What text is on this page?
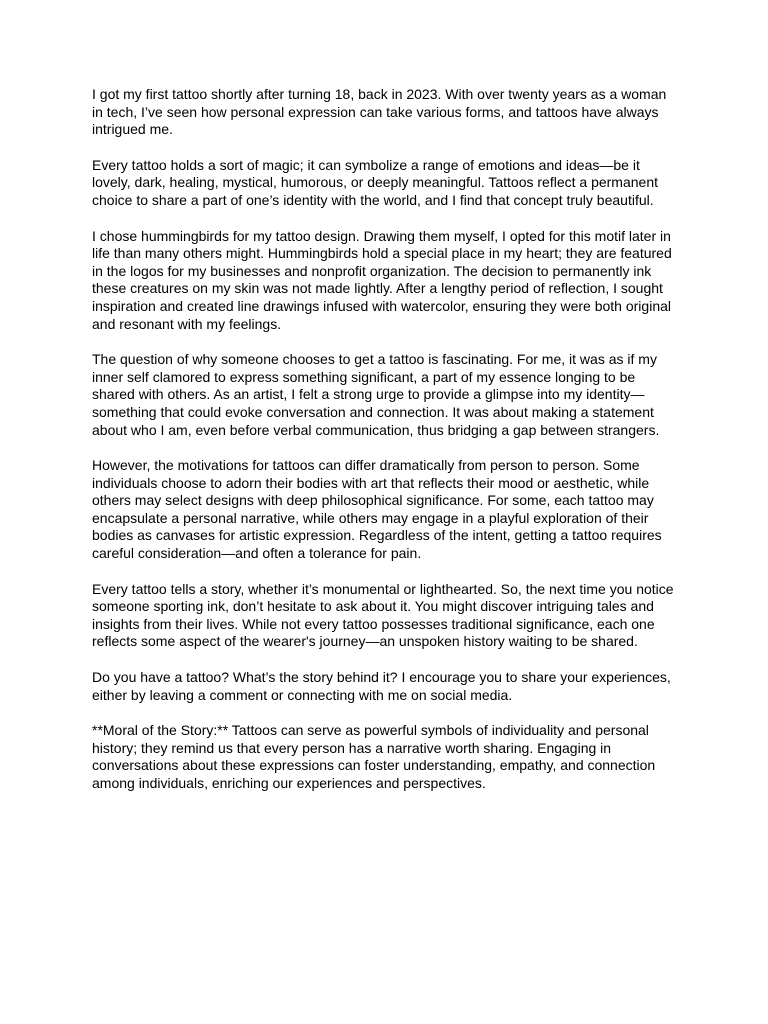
I got my first tattoo shortly after turning 18, back in 2023. With over twenty years as a woman in tech, I’ve seen how personal expression can take various forms, and tattoos have always intrigued me.

Every tattoo holds a sort of magic; it can symbolize a range of emotions and ideas—be it lovely, dark, healing, mystical, humorous, or deeply meaningful. Tattoos reflect a permanent choice to share a part of one’s identity with the world, and I find that concept truly beautiful.

I chose hummingbirds for my tattoo design. Drawing them myself, I opted for this motif later in life than many others might. Hummingbirds hold a special place in my heart; they are featured in the logos for my businesses and nonprofit organization. The decision to permanently ink these creatures on my skin was not made lightly. After a lengthy period of reflection, I sought inspiration and created line drawings infused with watercolor, ensuring they were both original and resonant with my feelings.

The question of why someone chooses to get a tattoo is fascinating. For me, it was as if my inner self clamored to express something significant, a part of my essence longing to be shared with others. As an artist, I felt a strong urge to provide a glimpse into my identity—something that could evoke conversation and connection. It was about making a statement about who I am, even before verbal communication, thus bridging a gap between strangers.

However, the motivations for tattoos can differ dramatically from person to person. Some individuals choose to adorn their bodies with art that reflects their mood or aesthetic, while others may select designs with deep philosophical significance. For some, each tattoo may encapsulate a personal narrative, while others may engage in a playful exploration of their bodies as canvases for artistic expression. Regardless of the intent, getting a tattoo requires careful consideration—and often a tolerance for pain.

Every tattoo tells a story, whether it’s monumental or lighthearted. So, the next time you notice someone sporting ink, don’t hesitate to ask about it. You might discover intriguing tales and insights from their lives. While not every tattoo possesses traditional significance, each one reflects some aspect of the wearer's journey—an unspoken history waiting to be shared.

Do you have a tattoo? What’s the story behind it? I encourage you to share your experiences, either by leaving a comment or connecting with me on social media.

**Moral of the Story:** Tattoos can serve as powerful symbols of individuality and personal history; they remind us that every person has a narrative worth sharing. Engaging in conversations about these expressions can foster understanding, empathy, and connection among individuals, enriching our experiences and perspectives.
